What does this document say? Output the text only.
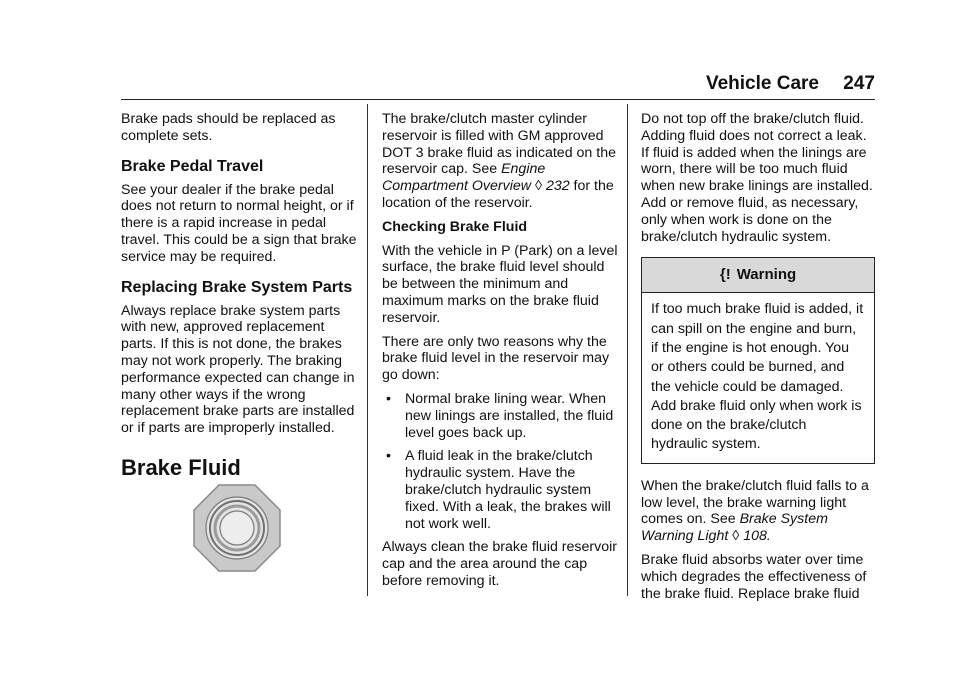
Vehicle Care 247

Brake pads should be replaced as complete sets.

Brake Pedal Travel

See your dealer if the brake pedal does not return to normal height, or if there is a rapid increase in pedal travel. This could be a sign that brake service may be required.

Replacing Brake System Parts

Always replace brake system parts with new, approved replacement parts. If this is not done, the brakes may not work properly. The braking performance expected can change in many other ways if the wrong replacement brake parts are installed or if parts are improperly installed.

Brake Fluid

The brake/clutch master cylinder reservoir is filled with GM approved DOT 3 brake fluid as indicated on the reservoir cap. See Engine Compartment Overview ◊ 232 for the location of the reservoir.

Checking Brake Fluid

With the vehicle in P (Park) on a level surface, the brake fluid level should be between the minimum and maximum marks on the brake fluid reservoir.

There are only two reasons why the brake fluid level in the reservoir may go down:

• Normal brake lining wear. When new linings are installed, the fluid level goes back up.
• A fluid leak in the brake/clutch hydraulic system. Have the brake/clutch hydraulic system fixed. With a leak, the brakes will not work well.

Always clean the brake fluid reservoir cap and the area around the cap before removing it.

Do not top off the brake/clutch fluid. Adding fluid does not correct a leak. If fluid is added when the linings are worn, there will be too much fluid when new brake linings are installed. Add or remove fluid, as necessary, only when work is done on the brake/clutch hydraulic system.

{! Warning
If too much brake fluid is added, it can spill on the engine and burn, if the engine is hot enough. You or others could be burned, and the vehicle could be damaged. Add brake fluid only when work is done on the brake/clutch hydraulic system.

When the brake/clutch fluid falls to a low level, the brake warning light comes on. See Brake System Warning Light ◊ 108.

Brake fluid absorbs water over time which degrades the effectiveness of the brake fluid. Replace brake fluid
